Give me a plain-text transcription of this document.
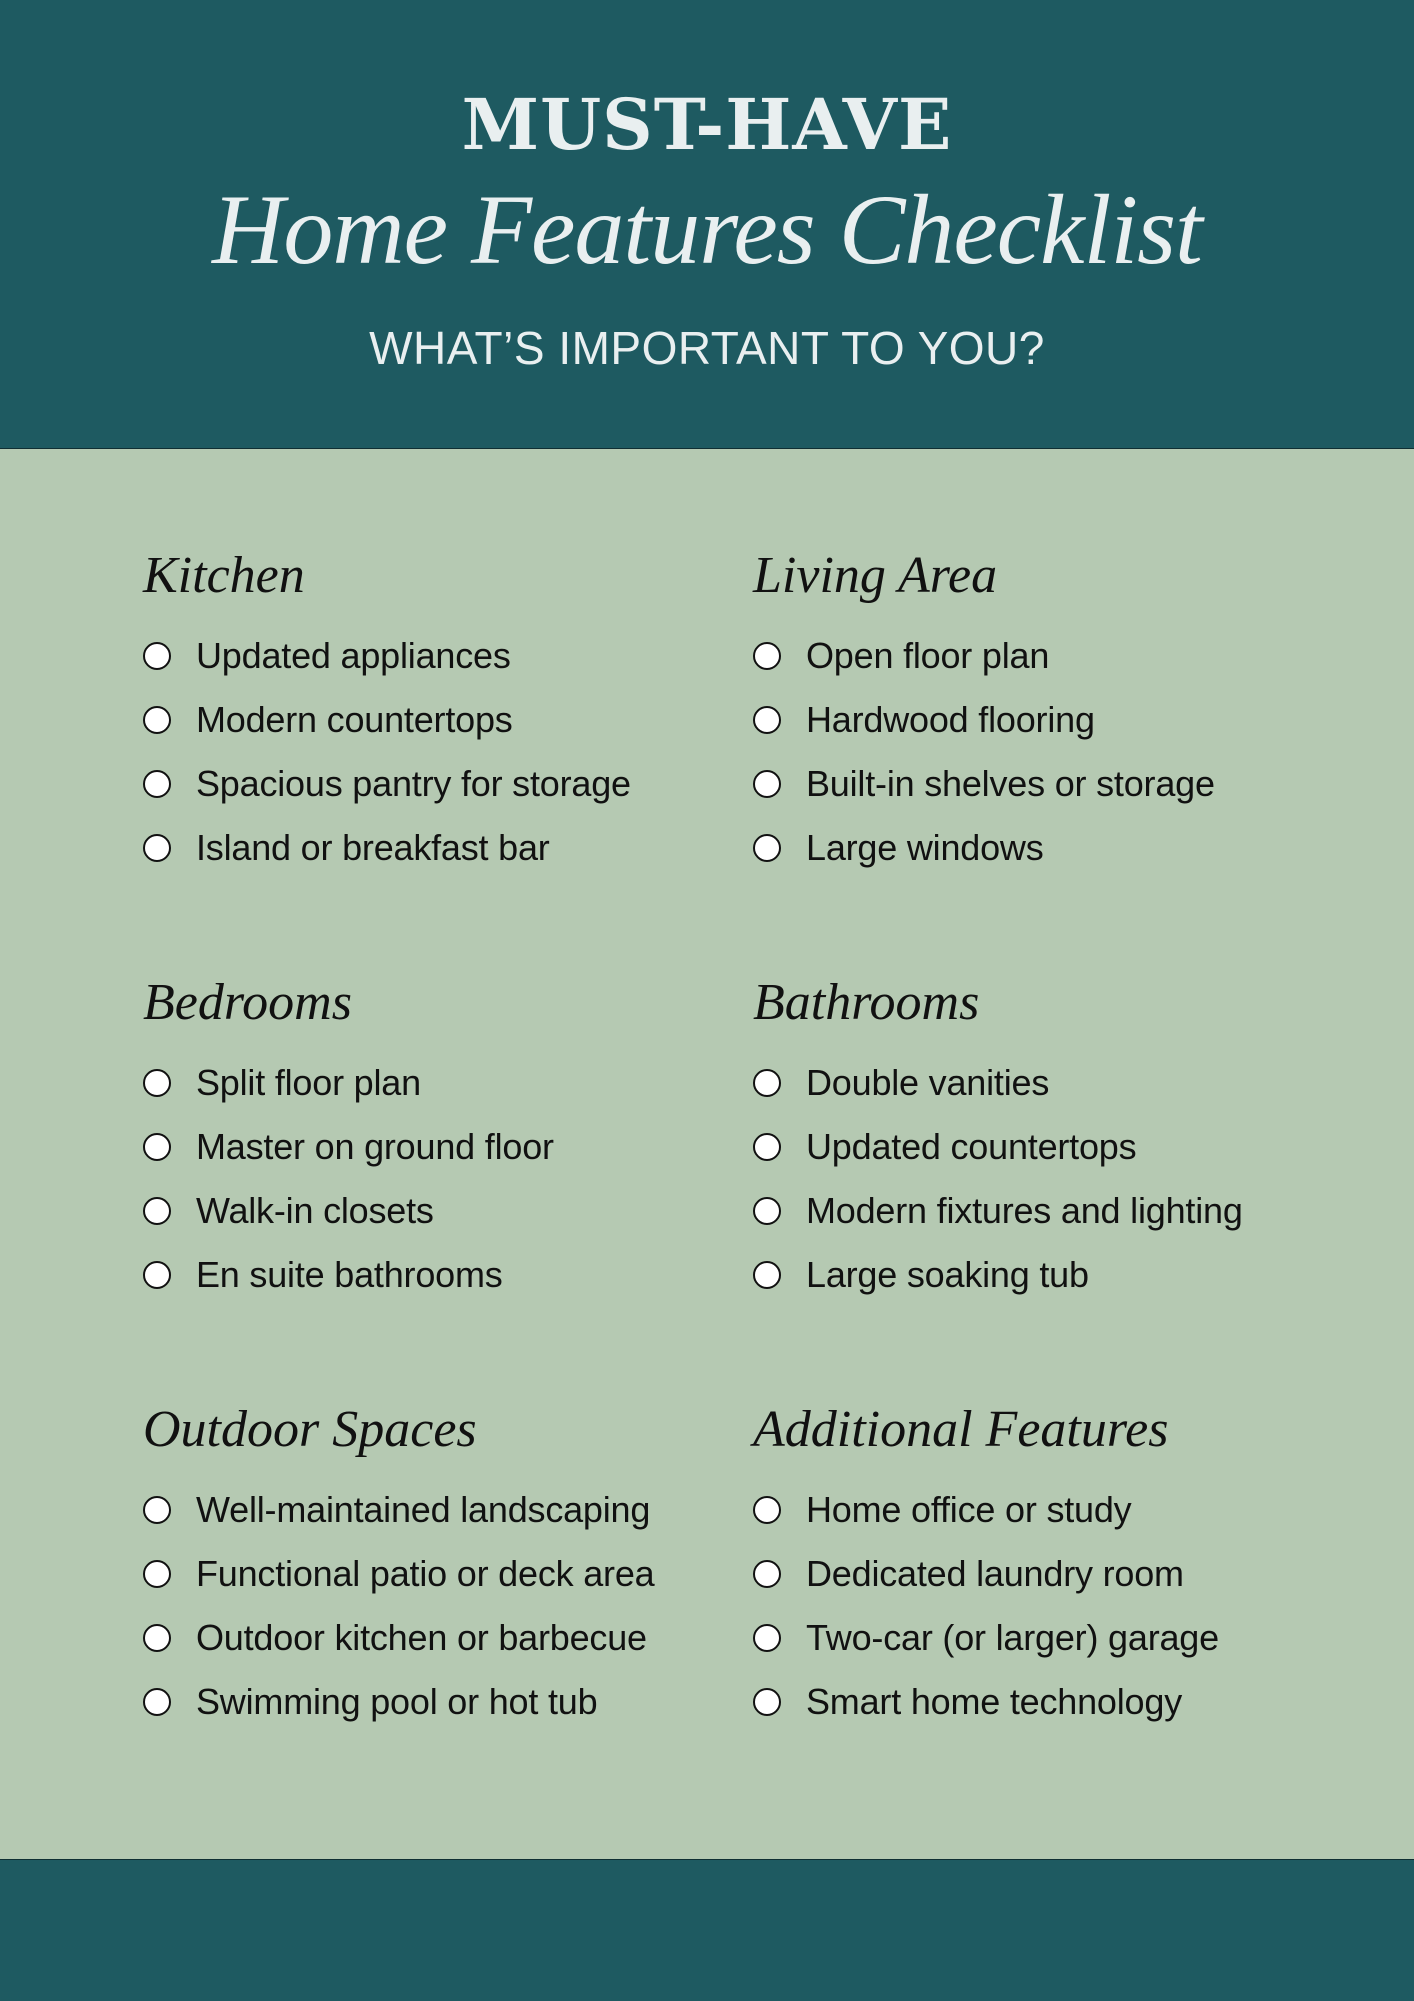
MUST-HAVE
Home Features Checklist
WHAT’S IMPORTANT TO YOU?
Kitchen
Updated appliances
Modern countertops
Spacious pantry for storage
Island or breakfast bar
Living Area
Open floor plan
Hardwood flooring
Built-in shelves or storage
Large windows
Bedrooms
Split floor plan
Master on ground floor
Walk-in closets
En suite bathrooms
Bathrooms
Double vanities
Updated countertops
Modern fixtures and lighting
Large soaking tub
Outdoor Spaces
Well-maintained landscaping
Functional patio or deck area
Outdoor kitchen or barbecue
Swimming pool or hot tub
Additional Features
Home office or study
Dedicated laundry room
Two-car (or larger) garage
Smart home technology
